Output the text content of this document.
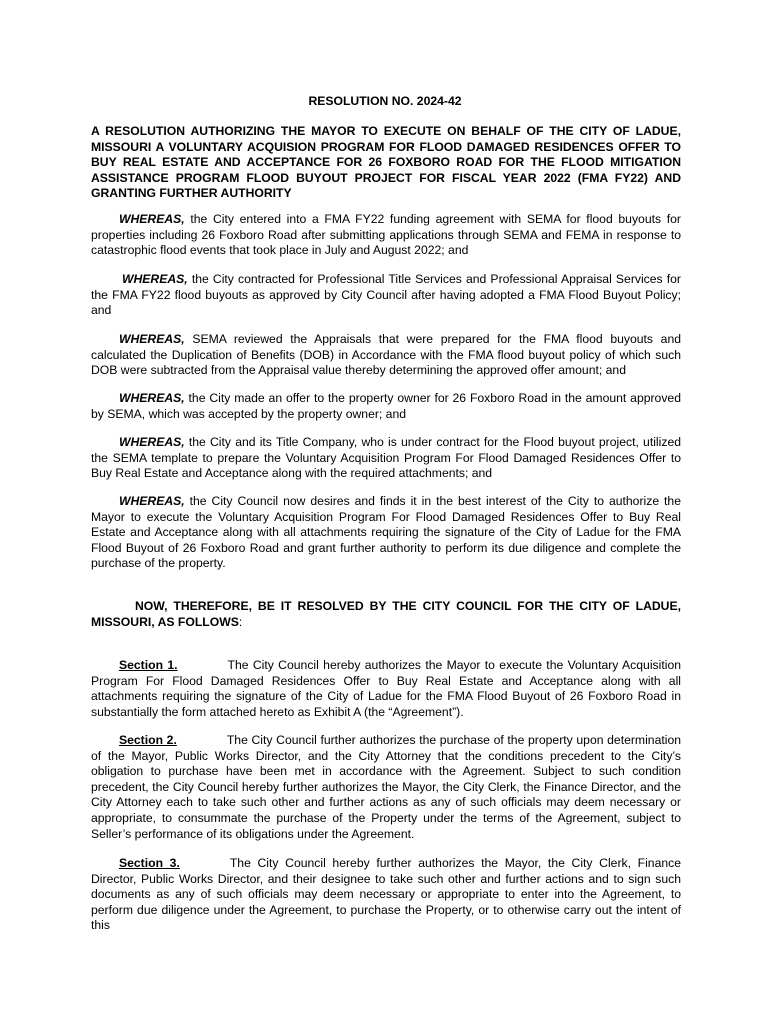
RESOLUTION NO. 2024-42
A RESOLUTION AUTHORIZING THE MAYOR TO EXECUTE ON BEHALF OF THE CITY OF LADUE, MISSOURI A VOLUNTARY ACQUISION PROGRAM FOR FLOOD DAMAGED RESIDENCES OFFER TO BUY REAL ESTATE AND ACCEPTANCE FOR 26 FOXBORO ROAD FOR THE FLOOD MITIGATION ASSISTANCE PROGRAM FLOOD BUYOUT PROJECT FOR FISCAL YEAR 2022 (FMA FY22) AND GRANTING FURTHER AUTHORITY
WHEREAS, the City entered into a FMA FY22 funding agreement with SEMA for flood buyouts for properties including 26 Foxboro Road after submitting applications through SEMA and FEMA in response to catastrophic flood events that took place in July and August 2022; and
WHEREAS, the City contracted for Professional Title Services and Professional Appraisal Services for the FMA FY22 flood buyouts as approved by City Council after having adopted a FMA Flood Buyout Policy; and
WHEREAS, SEMA reviewed the Appraisals that were prepared for the FMA flood buyouts and calculated the Duplication of Benefits (DOB) in Accordance with the FMA flood buyout policy of which such DOB were subtracted from the Appraisal value thereby determining the approved offer amount; and
WHEREAS, the City made an offer to the property owner for 26 Foxboro Road in the amount approved by SEMA, which was accepted by the property owner; and
WHEREAS, the City and its Title Company, who is under contract for the Flood buyout project, utilized the SEMA template to prepare the Voluntary Acquisition Program For Flood Damaged Residences Offer to Buy Real Estate and Acceptance along with the required attachments; and
WHEREAS, the City Council now desires and finds it in the best interest of the City to authorize the Mayor to execute the Voluntary Acquisition Program For Flood Damaged Residences Offer to Buy Real Estate and Acceptance along with all attachments requiring the signature of the City of Ladue for the FMA Flood Buyout of 26 Foxboro Road and grant further authority to perform its due diligence and complete the purchase of the property.
NOW, THEREFORE, BE IT RESOLVED BY THE CITY COUNCIL FOR THE CITY OF LADUE, MISSOURI, AS FOLLOWS:
Section 1.	The City Council hereby authorizes the Mayor to execute the Voluntary Acquisition Program For Flood Damaged Residences Offer to Buy Real Estate and Acceptance along with all attachments requiring the signature of the City of Ladue for the FMA Flood Buyout of 26 Foxboro Road in substantially the form attached hereto as Exhibit A (the “Agreement”).
Section 2.	The City Council further authorizes the purchase of the property upon determination of the Mayor, Public Works Director, and the City Attorney that the conditions precedent to the City’s obligation to purchase have been met in accordance with the Agreement. Subject to such condition precedent, the City Council hereby further authorizes the Mayor, the City Clerk, the Finance Director, and the City Attorney each to take such other and further actions as any of such officials may deem necessary or appropriate, to consummate the purchase of the Property under the terms of the Agreement, subject to Seller’s performance of its obligations under the Agreement.
Section 3.	The City Council hereby further authorizes the Mayor, the City Clerk, Finance Director, Public Works Director, and their designee to take such other and further actions and to sign such documents as any of such officials may deem necessary or appropriate to enter into the Agreement, to perform due diligence under the Agreement, to purchase the Property, or to otherwise carry out the intent of this
